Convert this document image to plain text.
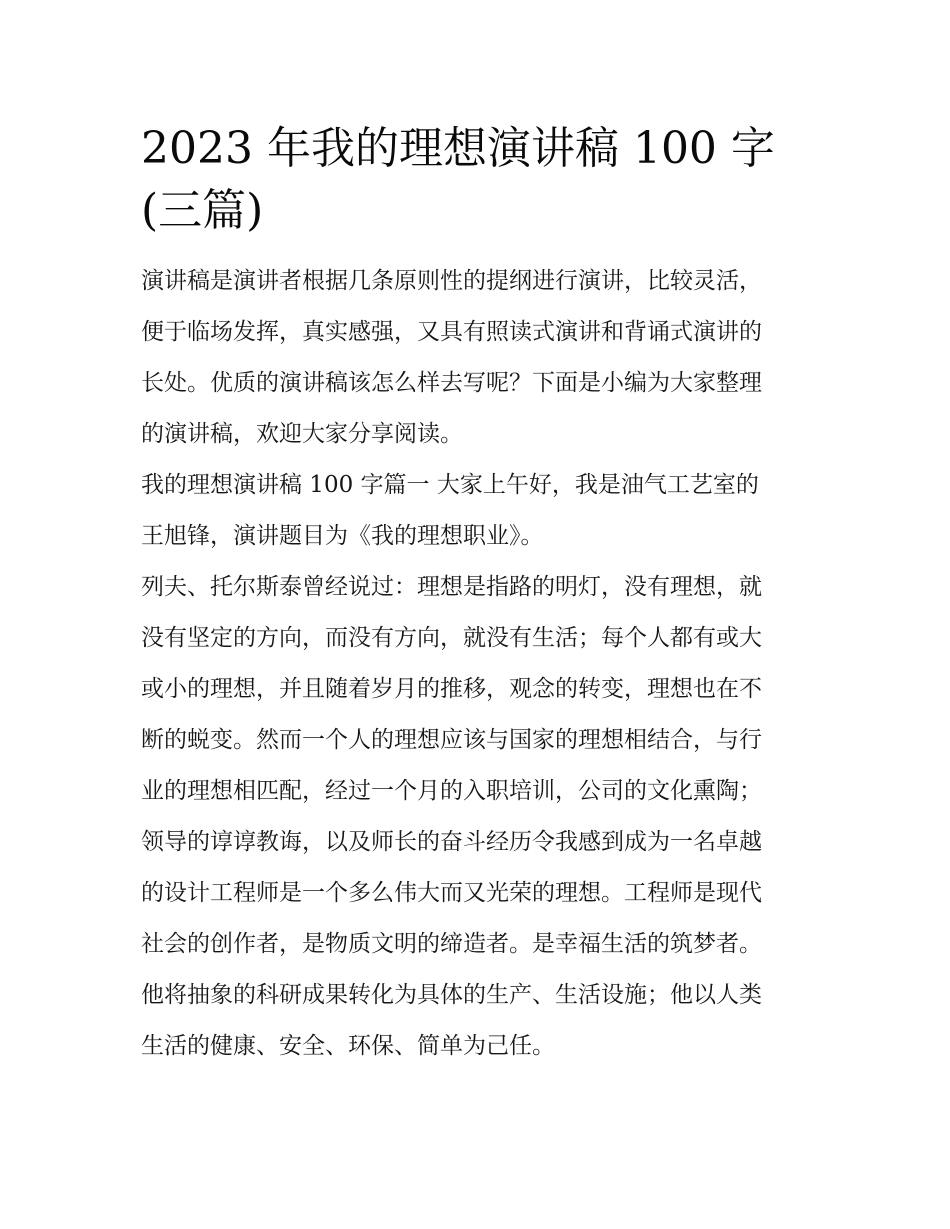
2023 年我的理想演讲稿 100 字
(三篇)

演讲稿是演讲者根据几条原则性的提纲进行演讲，比较灵活，
便于临场发挥，真实感强，又具有照读式演讲和背诵式演讲的
长处。优质的演讲稿该怎么样去写呢？下面是小编为大家整理
的演讲稿，欢迎大家分享阅读。

我的理想演讲稿 100 字篇一 大家上午好，我是油气工艺室的
王旭锋，演讲题目为《我的理想职业》。

列夫、托尔斯泰曾经说过：理想是指路的明灯，没有理想，就
没有坚定的方向，而没有方向，就没有生活；每个人都有或大
或小的理想，并且随着岁月的推移，观念的转变，理想也在不
断的蜕变。然而一个人的理想应该与国家的理想相结合，与行
业的理想相匹配，经过一个月的入职培训，公司的文化熏陶；
领导的谆谆教诲，以及师长的奋斗经历令我感到成为一名卓越
的设计工程师是一个多么伟大而又光荣的理想。工程师是现代
社会的创作者，是物质文明的缔造者。是幸福生活的筑梦者。
他将抽象的科研成果转化为具体的生产、生活设施；他以人类
生活的健康、安全、环保、简单为己任。
